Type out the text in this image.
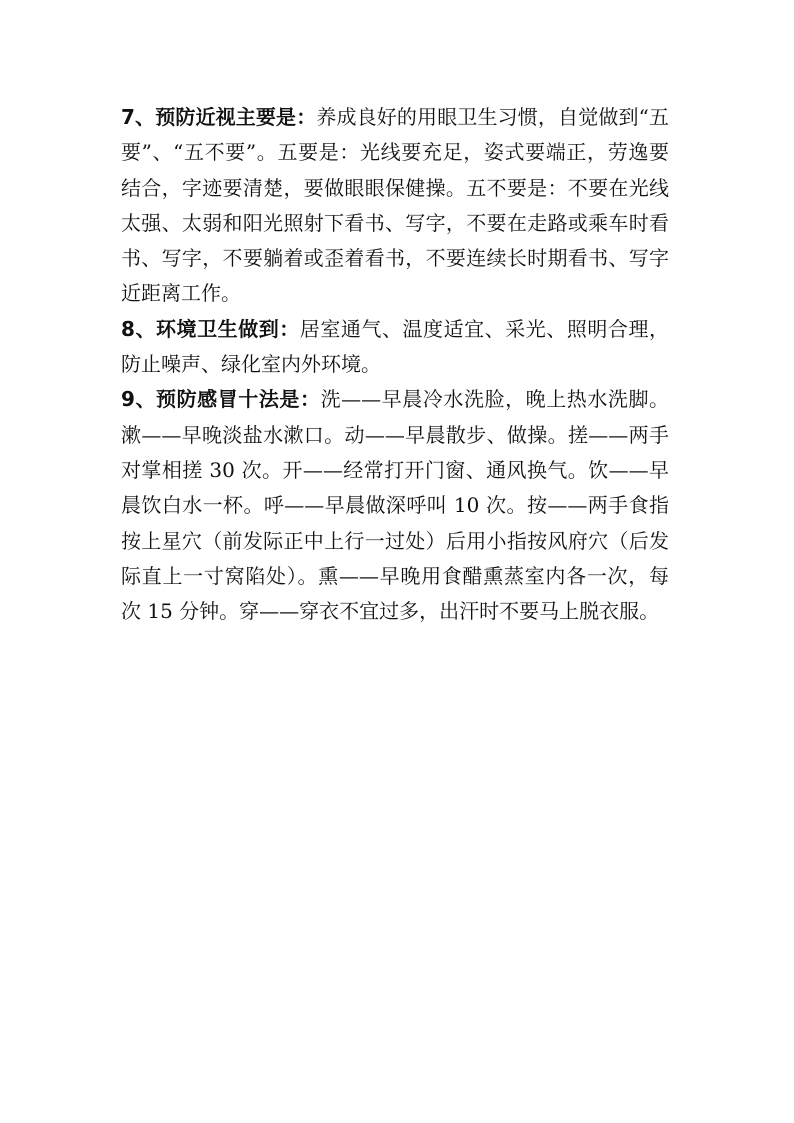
7、预防近视主要是：养成良好的用眼卫生习惯，自觉做到“五要”、“五不要”。五要是：光线要充足，姿式要端正，劳逸要结合，字迹要清楚，要做眼眼保健操。五不要是：不要在光线太强、太弱和阳光照射下看书、写字，不要在走路或乘车时看书、写字，不要躺着或歪着看书，不要连续长时期看书、写字近距离工作。

8、环境卫生做到：居室通气、温度适宜、采光、照明合理，防止噪声、绿化室内外环境。

9、预防感冒十法是：洗——早晨冷水洗脸，晚上热水洗脚。漱——早晚淡盐水漱口。动——早晨散步、做操。搓——两手对掌相搓 30 次。开——经常打开门窗、通风换气。饮——早晨饮白水一杯。呼——早晨做深呼叫 10 次。按——两手食指按上星穴（前发际正中上行一过处）后用小指按风府穴（后发际直上一寸窝陷处）。熏——早晚用食醋熏蒸室内各一次，每次 15 分钟。穿——穿衣不宜过多，出汗时不要马上脱衣服。
